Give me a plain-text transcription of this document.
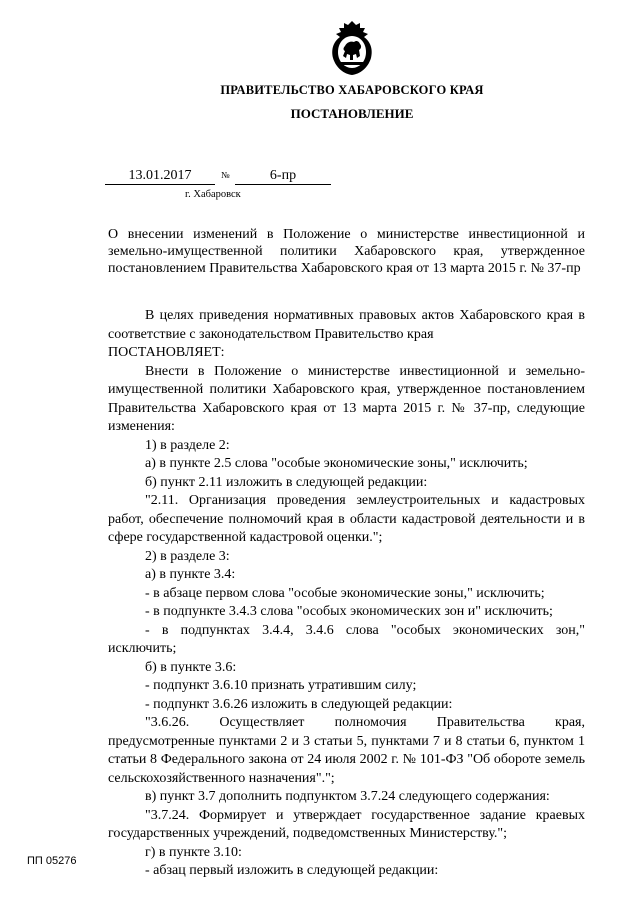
ПРАВИТЕЛЬСТВО ХАБАРОВСКОГО КРАЯ
ПОСТАНОВЛЕНИЕ
13.01.2017	№	6-пр
г. Хабаровск
О внесении изменений в Положение о министерстве инвестиционной и земельно-имущественной политики Хабаровского края, утвержденное постановлением Правительства Хабаровского края от 13 марта 2015 г. № 37-пр

В целях приведения нормативных правовых актов Хабаровского края в соответствие с законодательством Правительство края

ПОСТАНОВЛЯЕТ:

Внести в Положение о министерстве инвестиционной и земельно-имущественной политики Хабаровского края, утвержденное постановлением Правительства Хабаровского края от 13 марта 2015 г. № 37-пр, следующие изменения:

1) в разделе 2:

а) в пункте 2.5 слова "особые экономические зоны," исключить;

б) пункт 2.11 изложить в следующей редакции:

"2.11. Организация проведения землеустроительных и кадастровых работ, обеспечение полномочий края в области кадастровой деятельности и в сфере государственной кадастровой оценки.";

2) в разделе 3:

а) в пункте 3.4:

- в абзаце первом слова "особые экономические зоны," исключить;

- в подпункте 3.4.3 слова "особых экономических зон и" исключить;

- в подпунктах 3.4.4, 3.4.6 слова "особых экономических зон," исключить;

б) в пункте 3.6:

- подпункт 3.6.10 признать утратившим силу;

- подпункт 3.6.26 изложить в следующей редакции:

"3.6.26. Осуществляет полномочия Правительства края, предусмотренные пунктами 2 и 3 статьи 5, пунктами 7 и 8 статьи 6, пунктом 1 статьи 8 Федерального закона от 24 июля 2002 г. № 101-ФЗ "Об обороте земель сельскохозяйственного назначения".";

в) пункт 3.7 дополнить подпунктом 3.7.24 следующего содержания:

"3.7.24. Формирует и утверждает государственное задание краевых государственных учреждений, подведомственных Министерству.";

г) в пункте 3.10:

- абзац первый изложить в следующей редакции:

ПП 05276
